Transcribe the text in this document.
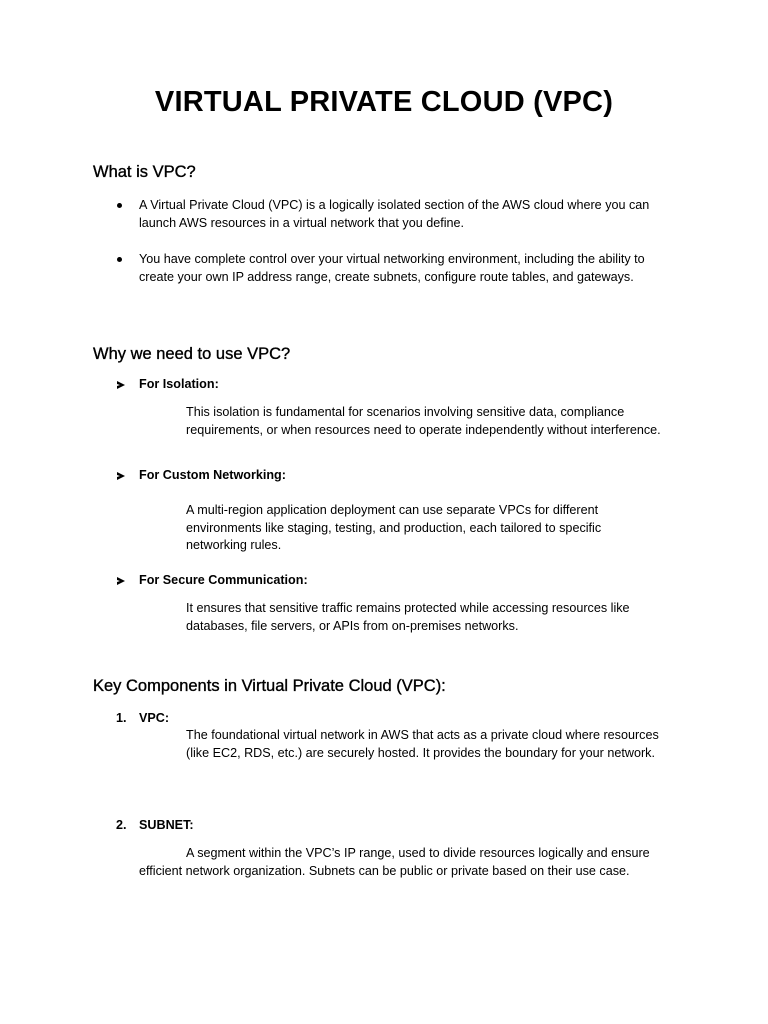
VIRTUAL PRIVATE CLOUD (VPC)
What is VPC?

A Virtual Private Cloud (VPC) is a logically isolated section of the AWS cloud where you can launch AWS resources in a virtual network that you define.

You have complete control over your virtual networking environment, including the ability to create your own IP address range, create subnets, configure route tables, and gateways.

Why we need to use VPC?

For Isolation:

This isolation is fundamental for scenarios involving sensitive data, compliance requirements, or when resources need to operate independently without interference.

For Custom Networking:

A multi-region application deployment can use separate VPCs for different environments like staging, testing, and production, each tailored to specific networking rules.

For Secure Communication:

It ensures that sensitive traffic remains protected while accessing resources like databases, file servers, or APIs from on-premises networks.

Key Components in Virtual Private Cloud (VPC):

1. VPC:

The foundational virtual network in AWS that acts as a private cloud where resources (like EC2, RDS, etc.) are securely hosted. It provides the boundary for your network.

2. SUBNET:

A segment within the VPC’s IP range, used to divide resources logically and ensure efficient network organization. Subnets can be public or private based on their use case.
